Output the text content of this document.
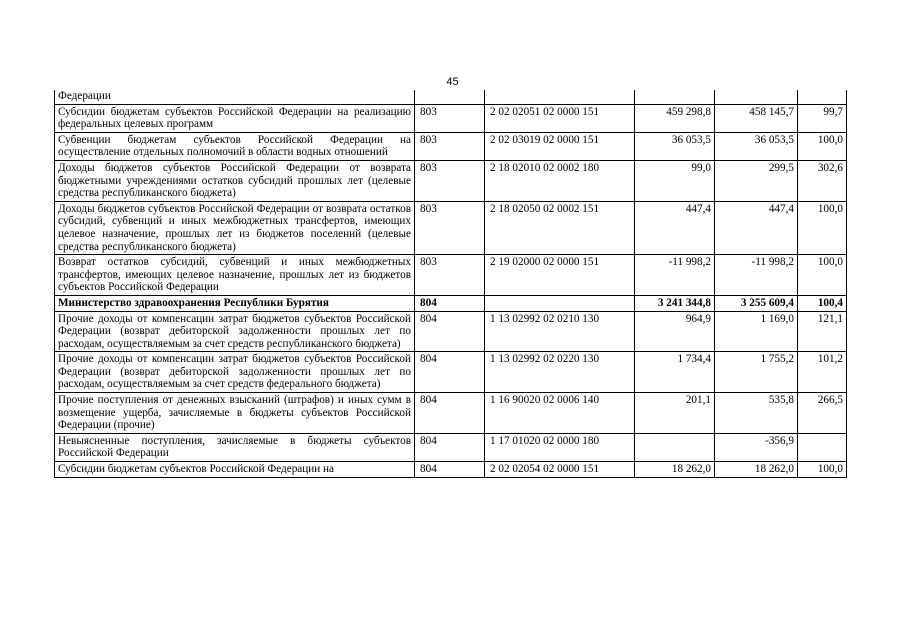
45
Федерации					
Субсидии бюджетам субъектов Российской Федерации на реализацию федеральных целевых программ	803	2 02 02051 02 0000 151	459 298,8	458 145,7	99,7
Субвенции бюджетам субъектов Российской Федерации на осуществление отдельных полномочий в области водных отношений	803	2 02 03019 02 0000 151	36 053,5	36 053,5	100,0
Доходы бюджетов субъектов Российской Федерации от возврата бюджетными учреждениями остатков субсидий прошлых лет (целевые средства республиканского бюджета)	803	2 18 02010 02 0002 180	99,0	299,5	302,6
Доходы бюджетов субъектов Российской Федерации от возврата остатков субсидий, субвенций и иных межбюджетных трансфертов, имеющих целевое назначение, прошлых лет из бюджетов поселений (целевые средства республиканского бюджета)	803	2 18 02050 02 0002 151	447,4	447,4	100,0
Возврат остатков субсидий, субвенций и иных межбюджетных трансфертов, имеющих целевое назначение, прошлых лет из бюджетов субъектов Российской Федерации	803	2 19 02000 02 0000 151	-11 998,2	-11 998,2	100,0
Министерство здравоохранения Республики Бурятия	804		3 241 344,8	3 255 609,4	100,4
Прочие доходы от компенсации затрат бюджетов субъектов Российской Федерации (возврат дебиторской задолженности прошлых лет по расходам, осуществляемым за счет средств республиканского бюджета)	804	1 13 02992 02 0210 130	964,9	1 169,0	121,1
Прочие доходы от компенсации затрат бюджетов субъектов Российской Федерации (возврат дебиторской задолженности прошлых лет по расходам, осуществляемым за счет средств федерального бюджета)	804	1 13 02992 02 0220 130	1 734,4	1 755,2	101,2
Прочие поступления от денежных взысканий (штрафов) и иных сумм в возмещение ущерба, зачисляемые в бюджеты субъектов Российской Федерации (прочие)	804	1 16 90020 02 0006 140	201,1	535,8	266,5
Невыясненные поступления, зачисляемые в бюджеты субъектов Российской Федерации	804	1 17 01020 02 0000 180		-356,9	
Субсидии бюджетам субъектов Российской Федерации на	804	2 02 02054 02 0000 151	18 262,0	18 262,0	100,0
